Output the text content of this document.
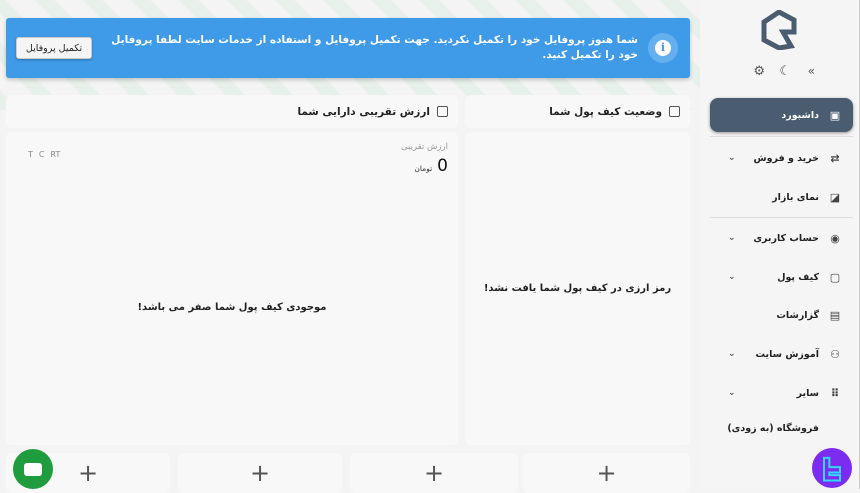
i
شما هنوز پروفایل خود را تکمیل نکردید. جهت تکمیل پروفایل و استفاده از خدمات سایت لطفا پروفایل خود را تکمیل کنید.
تکمیل پروفایل
وضعیت کیف پول شما
رمز ارزی در کیف پول شما یافت نشد!
ارزش تقریبی دارایی شما
ارزش تقریبی
0
تومان
T C RT
موجودی کیف پول شما صفر می باشد!
+
+
+
+
⚙ ☾ »
▣
داشبورد
⇄
خرید و فروش
⌄
◪
نمای بازار
◉
حساب کاربری
⌄
▢
کیف پول
⌄
▤
گزارشات
⚇
آموزش سایت
⌄
⠿
سایر
⌄
فروشگاه (به زودی)
